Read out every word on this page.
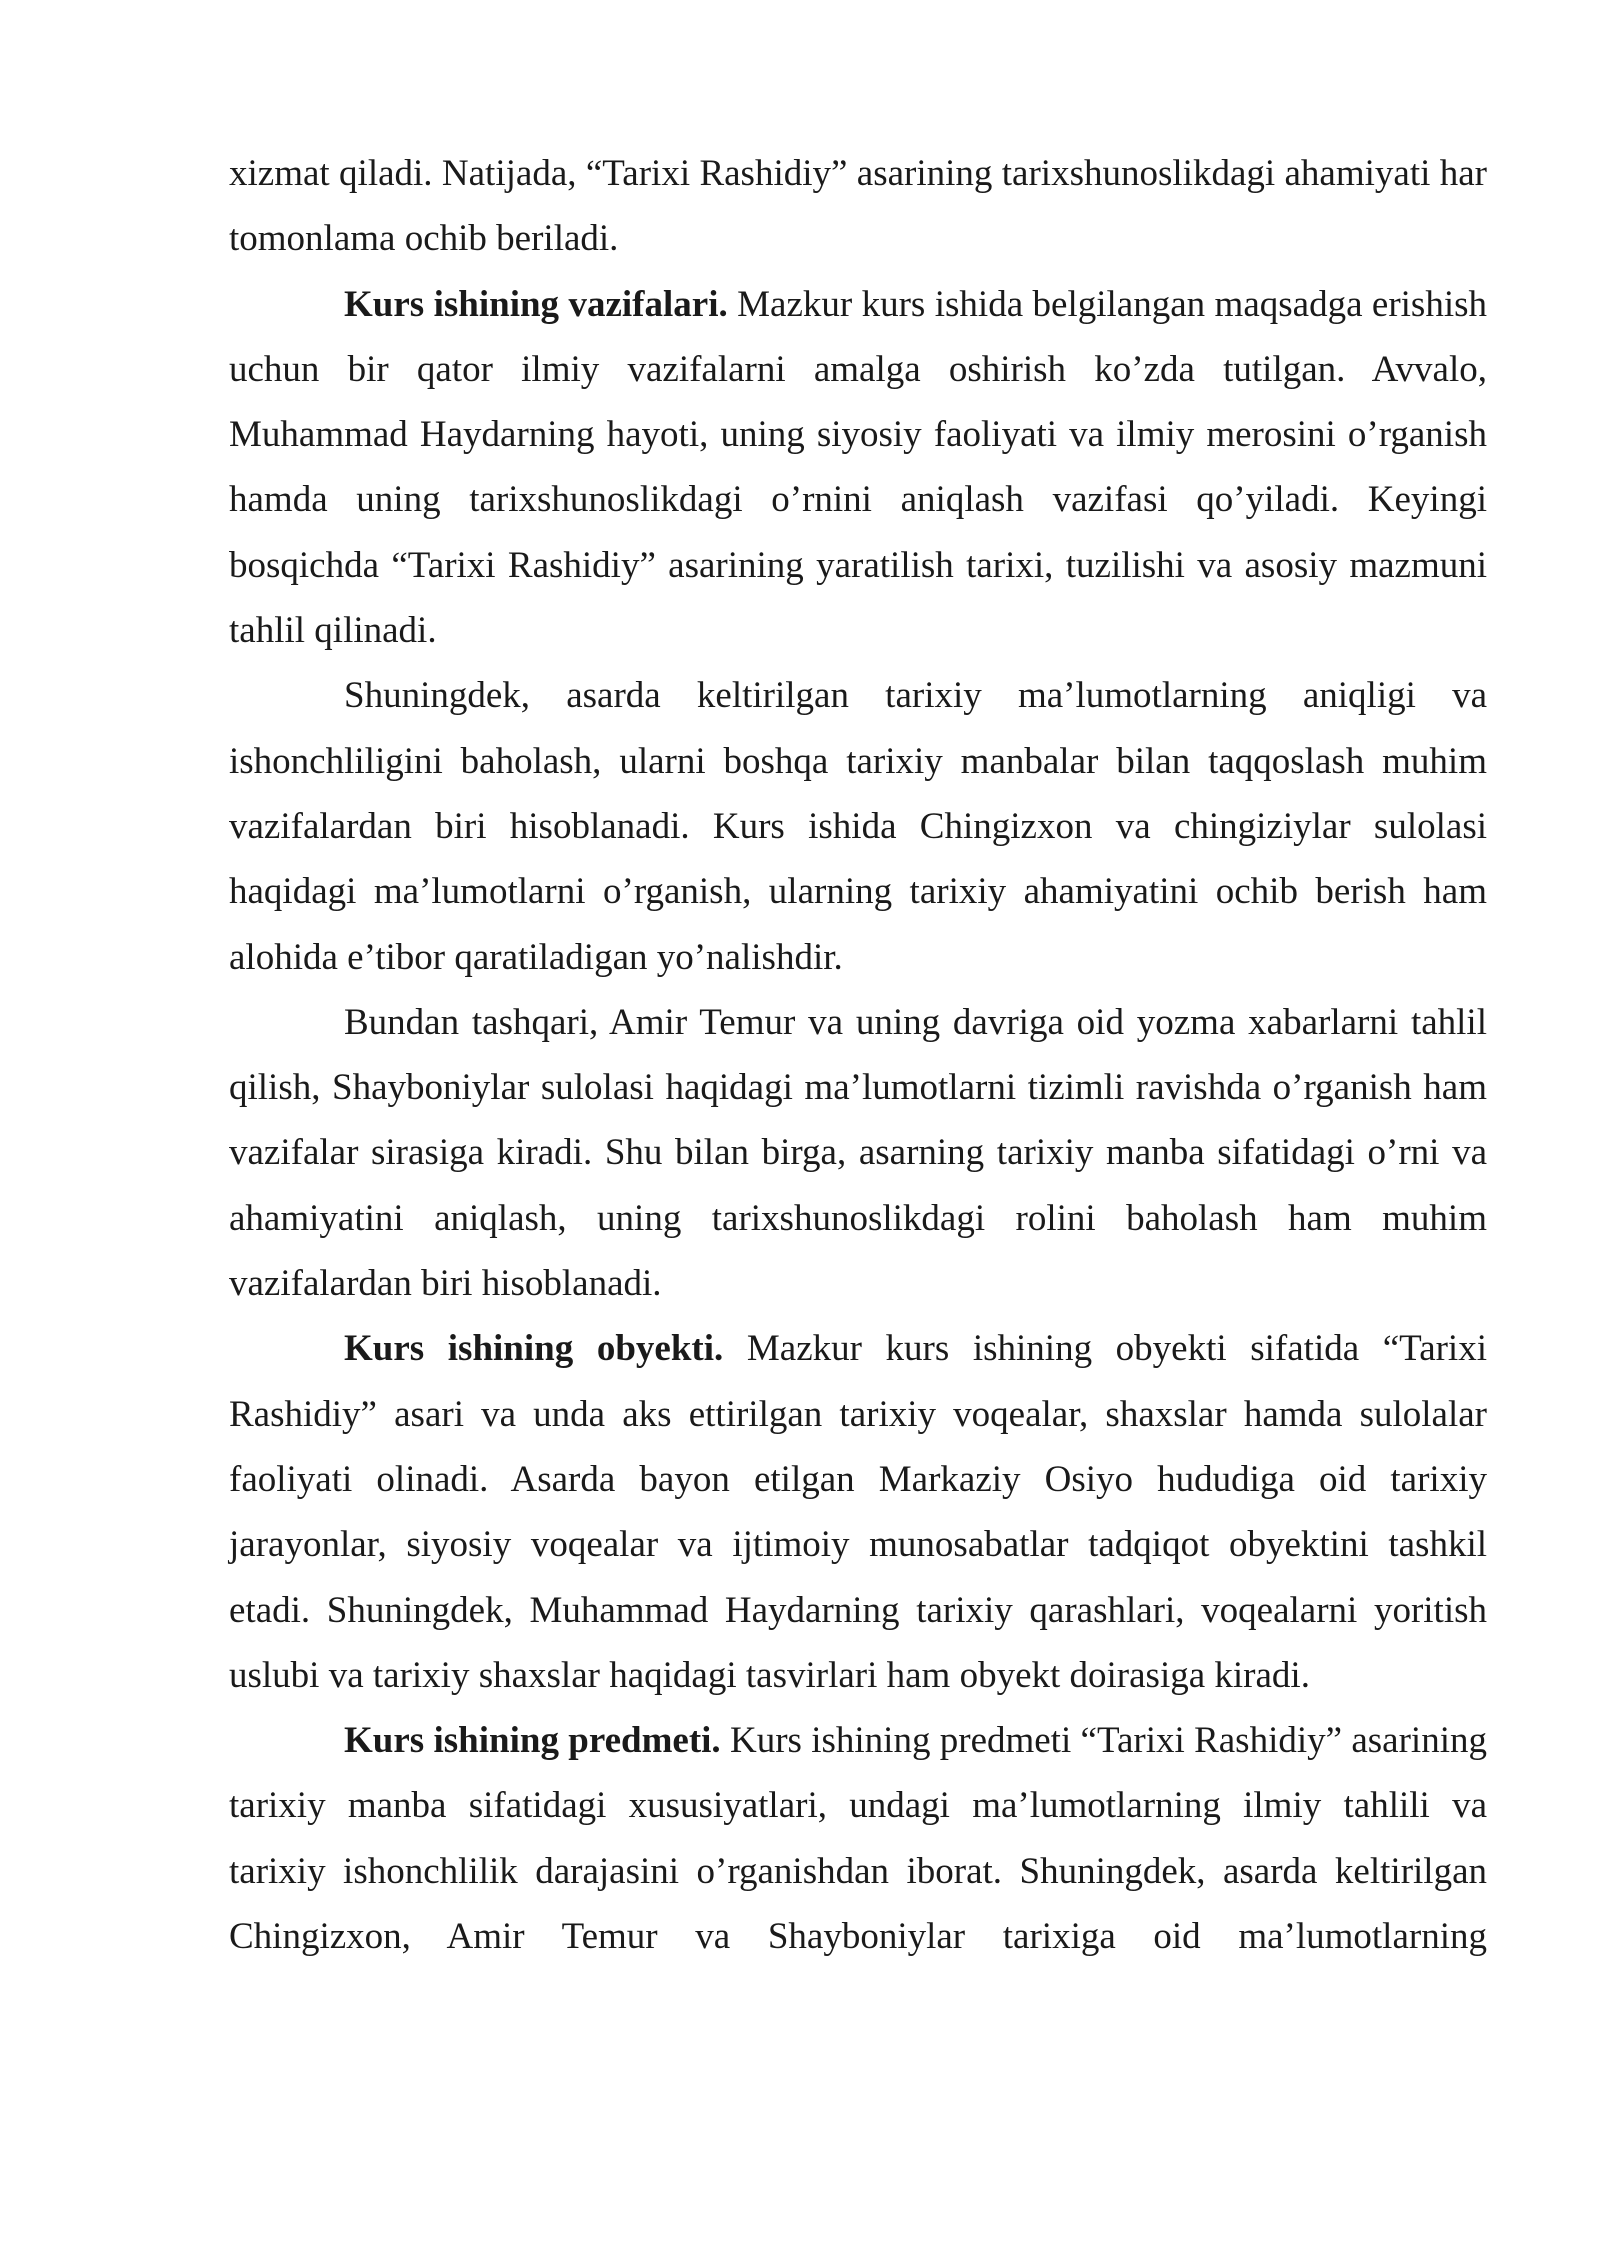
xizmat qiladi. Natijada, “Tarixi Rashidiy” asarining tarixshunoslikdagi ahamiyati har tomonlama ochib beriladi.

Kurs ishining vazifalari. Mazkur kurs ishida belgilangan maqsadga erishish uchun bir qator ilmiy vazifalarni amalga oshirish ko’zda tutilgan. Avvalo, Muhammad Haydarning hayoti, uning siyosiy faoliyati va ilmiy merosini o’rganish hamda uning tarixshunoslikdagi o’rnini aniqlash vazifasi qo’yiladi. Keyingi bosqichda “Tarixi Rashidiy” asarining yaratilish tarixi, tuzilishi va asosiy mazmuni tahlil qilinadi.

Shuningdek, asarda keltirilgan tarixiy ma’lumotlarning aniqligi va ishonchliligini baholash, ularni boshqa tarixiy manbalar bilan taqqoslash muhim vazifalardan biri hisoblanadi. Kurs ishida Chingizxon va chingiziylar sulolasi haqidagi ma’lumotlarni o’rganish, ularning tarixiy ahamiyatini ochib berish ham alohida e’tibor qaratiladigan yo’nalishdir.

Bundan tashqari, Amir Temur va uning davriga oid yozma xabarlarni tahlil qilish, Shayboniylar sulolasi haqidagi ma’lumotlarni tizimli ravishda o’rganish ham vazifalar sirasiga kiradi. Shu bilan birga, asarning tarixiy manba sifatidagi o’rni va ahamiyatini aniqlash, uning tarixshunoslikdagi rolini baholash ham muhim vazifalardan biri hisoblanadi.

Kurs ishining obyekti. Mazkur kurs ishining obyekti sifatida “Tarixi Rashidiy” asari va unda aks ettirilgan tarixiy voqealar, shaxslar hamda sulolalar faoliyati olinadi. Asarda bayon etilgan Markaziy Osiyo hududiga oid tarixiy jarayonlar, siyosiy voqealar va ijtimoiy munosabatlar tadqiqot obyektini tashkil etadi. Shuningdek, Muhammad Haydarning tarixiy qarashlari, voqealarni yoritish uslubi va tarixiy shaxslar haqidagi tasvirlari ham obyekt doirasiga kiradi.

Kurs ishining predmeti. Kurs ishining predmeti “Tarixi Rashidiy” asarining tarixiy manba sifatidagi xususiyatlari, undagi ma’lumotlarning ilmiy tahlili va tarixiy ishonchlilik darajasini o’rganishdan iborat. Shuningdek, asarda keltirilgan Chingizxon, Amir Temur va Shayboniylar tarixiga oid ma’lumotlarning
